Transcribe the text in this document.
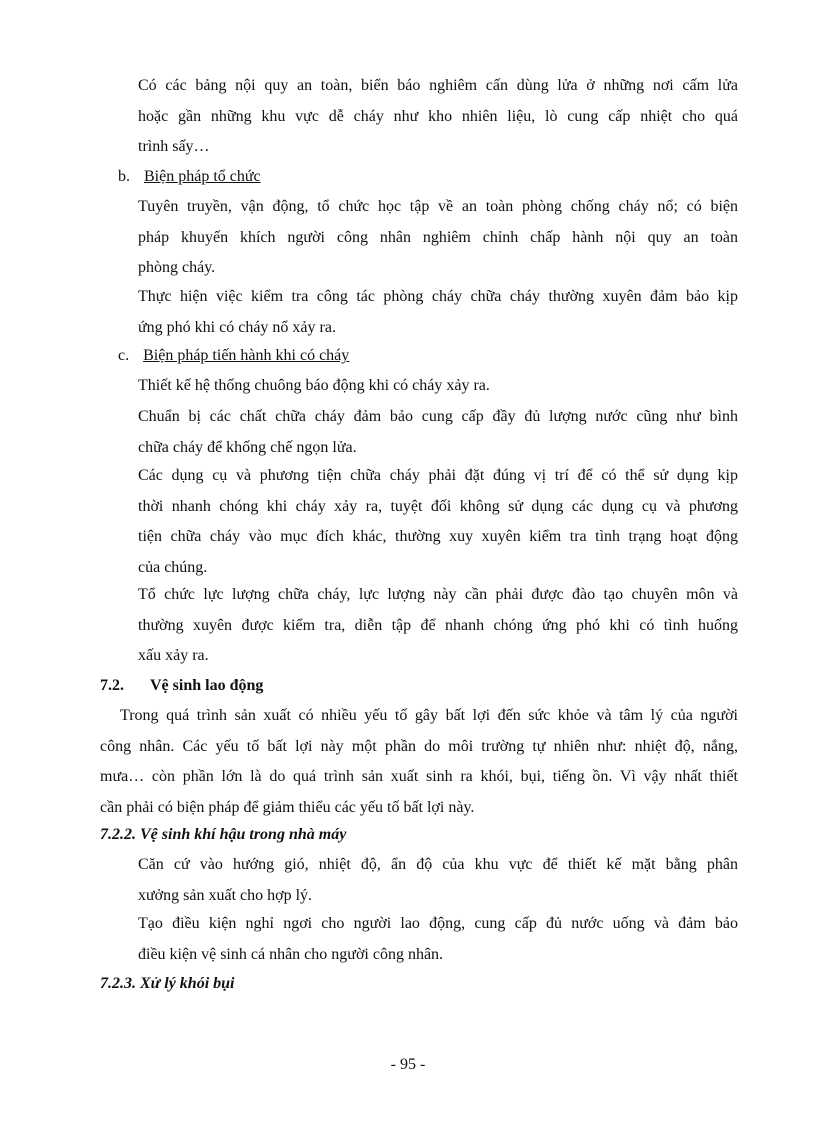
Có các bảng nội quy an toàn, biển báo nghiêm cấn dùng lửa ở những nơi cấm lửa
hoặc gần những khu vực dễ cháy như kho nhiên liệu, lò cung cấp nhiệt cho quá
trình sấy…
b. Biện pháp tổ chức
Tuyên truyền, vận động, tổ chức học tập về an toàn phòng chống cháy nổ; có biện
pháp khuyến khích người công nhân nghiêm chỉnh chấp hành nội quy an toàn
phòng cháy.
Thực hiện việc kiểm tra công tác phòng cháy chữa cháy thường xuyên đảm bảo kịp
ứng phó khi có cháy nổ xảy ra.
c. Biện pháp tiến hành khi có cháy
Thiết kế hệ thống chuông báo động khi có cháy xảy ra.
Chuẩn bị các chất chữa cháy đảm bảo cung cấp đầy đủ lượng nước cũng như bình
chữa cháy để khống chế ngọn lửa.
Các dụng cụ và phương tiện chữa cháy phải đặt đúng vị trí để có thể sử dụng kịp
thời nhanh chóng khi cháy xảy ra, tuyệt đối không sử dụng các dụng cụ và phương
tiện chữa cháy vào mục đích khác, thường xuy xuyên kiểm tra tình trạng hoạt động
của chúng.
Tổ chức lực lượng chữa cháy, lực lượng này cần phải được đào tạo chuyên môn và
thường xuyên được kiểm tra, diễn tập để nhanh chóng ứng phó khi có tình huống
xấu xảy ra.
7.2. Vệ sinh lao động
Trong quá trình sản xuất có nhiều yếu tố gây bất lợi đến sức khỏe và tâm lý của người
công nhân. Các yếu tố bất lợi này một phần do môi trường tự nhiên như: nhiệt độ, nắng,
mưa… còn phần lớn là do quá trình sản xuất sinh ra khói, bụi, tiếng ồn. Vì vậy nhất thiết
cần phải có biện pháp để giảm thiểu các yếu tố bất lợi này.
7.2.2. Vệ sinh khí hậu trong nhà máy
Căn cứ vào hướng gió, nhiệt độ, ẩn độ của khu vực để thiết kế mặt bằng phân
xưởng sản xuất cho hợp lý.
Tạo điều kiện nghỉ ngơi cho người lao động, cung cấp đủ nước uống và đảm bảo
điều kiện vệ sinh cá nhân cho người công nhân.
7.2.3. Xử lý khói bụi
- 95 -
